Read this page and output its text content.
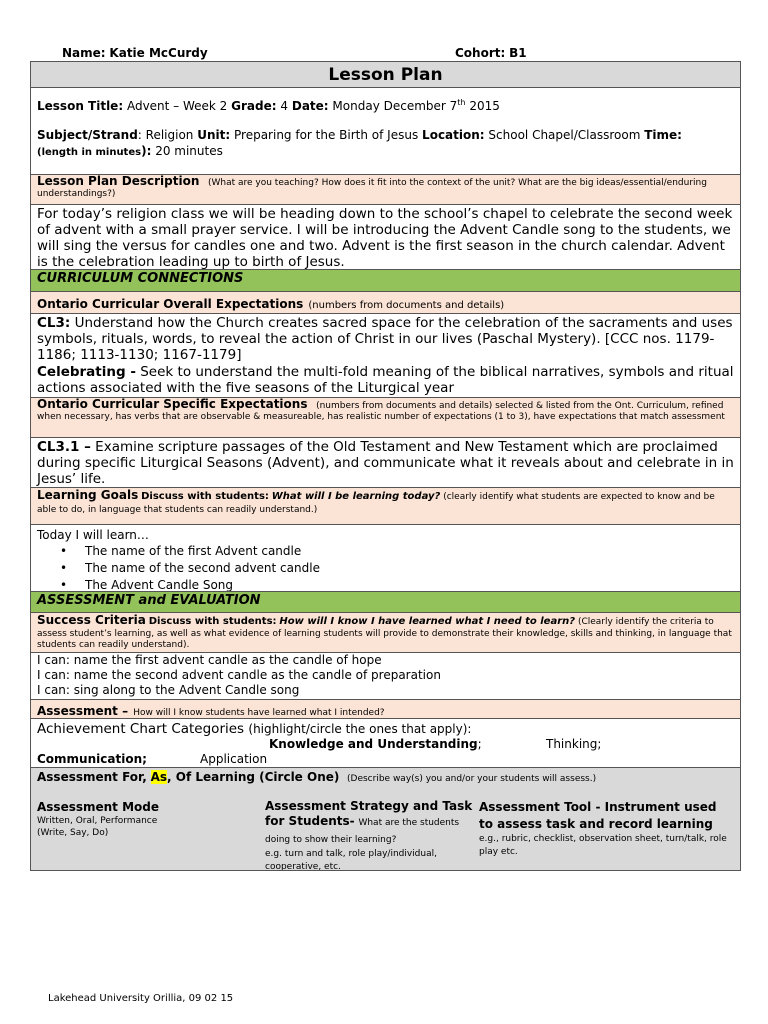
Name: Katie McCurdy	Cohort: B1
Lesson Plan

Lesson Title: Advent – Week 2 Grade: 4 Date: Monday December 7th 2015

Subject/Strand: Religion Unit: Preparing for the Birth of Jesus Location: School Chapel/Classroom Time:
(length in minutes): 20 minutes

Lesson Plan Description (What are you teaching? How does it fit into the context of the unit? What are the big ideas/essential/enduring understandings?)
For today’s religion class we will be heading down to the school’s chapel to celebrate the second week of advent with a small prayer service. I will be introducing the Advent Candle song to the students, we will sing the versus for candles one and two. Advent is the first season in the church calendar. Advent is the celebration leading up to birth of Jesus.
CURRICULUM CONNECTIONS
Ontario Curricular Overall Expectations (numbers from documents and details)
CL3: Understand how the Church creates sacred space for the celebration of the sacraments and uses symbols, rituals, words, to reveal the action of Christ in our lives (Paschal Mystery). [CCC nos. 1179-1186; 1113-1130; 1167-1179]
Celebrating - Seek to understand the multi-fold meaning of the biblical narratives, symbols and ritual actions associated with the five seasons of the Liturgical year
Ontario Curricular Specific Expectations (numbers from documents and details) selected & listed from the Ont. Curriculum, refined when necessary, has verbs that are observable & measureable, has realistic number of expectations (1 to 3), have expectations that match assessment
CL3.1 – Examine scripture passages of the Old Testament and New Testament which are proclaimed during specific Liturgical Seasons (Advent), and communicate what it reveals about and celebrate in in Jesus’ life.
Learning Goals Discuss with students: What will I be learning today? (clearly identify what students are expected to know and be able to do, in language that students can readily understand.)
Today I will learn…
• The name of the first Advent candle
• The name of the second advent candle
• The Advent Candle Song
ASSESSMENT and EVALUATION
Success Criteria Discuss with students: How will I know I have learned what I need to learn? (Clearly identify the criteria to assess student’s learning, as well as what evidence of learning students will provide to demonstrate their knowledge, skills and thinking, in language that students can readily understand).
I can: name the first advent candle as the candle of hope
I can: name the second advent candle as the candle of preparation
I can: sing along to the Advent Candle song
Assessment – How will I know students have learned what I intended?
Achievement Chart Categories (highlight/circle the ones that apply):
Knowledge and Understanding;	Thinking;
Communication;	Application
Assessment For, As, Of Learning (Circle One) (Describe way(s) you and/or your students will assess.)
Assessment Mode
Written, Oral, Performance
(Write, Say, Do)
Assessment Strategy and Task for Students- What are the students doing to show their learning?
e.g. turn and talk, role play/individual, cooperative, etc.
Assessment Tool - Instrument used to assess task and record learning
e.g., rubric, checklist, observation sheet, turn/talk, role play etc.
Lakehead University Orillia, 09 02 15
